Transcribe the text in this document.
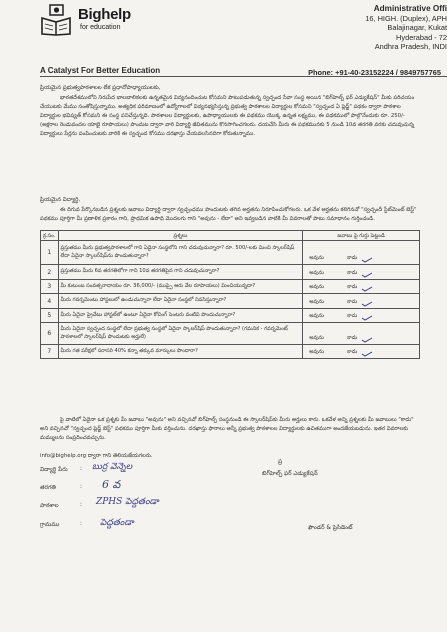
Bighelp
for education
A Catalyst For Better Education
Administrative Offi
16, HIGH. (Duplex), APH
Balajinagar, Kukat
Hyderabad - 72
Andhra Pradesh, INDI
Phone: +91-40-23152224 / 9849757765
ప్రియమైన ప్రభుత్వపాఠశాలల లేక ప్రధానోపాధ్యాయులకు,
భారతదేశములోని నిరుపేద బాలబాలికలకు ఉన్నతమైన విద్యనందించుట కోసమని పాటుపడుతున్న స్వచ్ఛంద సేవా సంస్థ అయిన "బిగ్‌హెల్ప్ ఫర్ ఎడ్యుకేషన్" మీకు పరిచయం చేయుటకు మేము సంతోషిస్తున్నాము. అత్యధిక పరిమాణంలో ఉద్యోగాలలో విద్యనభ్యసిస్తున్న ప్రభుత్వ పాఠశాలల విద్యార్థుల కోసమని "స్వచ్ఛంద ఏ ప్లెడ్జ్" పథకం ద్వారా పాఠశాల విద్యార్థుల భవిష్యత్ కోసమని ఈ సంస్థ పనిచేస్తున్నది. పాఠశాలల విద్యార్థులకు, ఉపాధ్యాయులకు ఈ పథకము యొక్క ఉన్నత లక్ష్యము, ఈ పథకములో పాల్గొనేందుకు రూ. 250/- (అక్షరాల రెండువందల యాభై రూపాయలు) పొందుట ద్వారా వారి విద్యార్థి జీవితమును కొనసాగించగలరు. దయచేసి మీరు ఈ పథకమునకు 5 నుండి 10వ తరగతి వరకు చదువుచున్న విద్యార్థులు పేర్లను పంపించుటకు వారికి ఈ స్వచ్ఛంద కోసము దరఖాస్తు చేయవలసినదిగా కోరుతున్నాము.
ప్రియమైన విద్యార్థి,
ఈ దిగువ పేర్కొనబడిన ప్రశ్నలకు జవాబు విద్యార్థి ద్వారా స్వచ్ఛంధము పొందుటకు తగిన అర్హతను నిరూపించుకోగలరు. ఒక వేళ అర్హతను కలిగినచో "స్వచ్ఛందీ స్టేట్‌మెంట్ బెస్ట్" పథకము పూర్తిగా మీ ప్రణాళిక ప్రకారం గాని, ప్రాథమిక ఉపాధి మొదలగు గాని "అవును - లేదా" అని ఇవ్వబడిన వాటికి మీ వివరాలతో పాటు సమాధానం గుర్తించండి.
క్ర.సం.	ప్రశ్నలు	జవాబు పై గుర్తు పెట్టండి
1	ప్రస్తుతము మీరు ప్రభుత్వపాఠశాలలో గాని ఏదైనా సంస్థలోని గాని చదువుచున్నారా? రూ. 500/-లకు మించి స్కాలర్‌షిప్ లేదా ఏదైనా స్కాలర్‌షిప్‌ను పొందుతున్నారా?	అవును కాదు

2	ప్రస్తుతము మీరు 6వ తరగతిలోగా గాని 10వ తరగతిపైన గాని చదువుచున్నారా?	అవును కాదు

3	మీ కుటుంబ సంవత్సరాదాయం రూ. 36,000/- (ముప్పై ఆరు వేల రూపాయలు) మించియున్నదా?	అవును కాదు

4	మీరు గవర్నమెంటు హాస్టలులో ఉండుచున్నారా లేదా ఏదైనా సంస్థలో నివసిస్తున్నారా?	అవును కాదు

5	మీరు ఏదైనా ప్రైవేటు హాస్టల్‌లో ఉంటూ ఏదైనా కోచింగ్ సెంటరు వంటివి పొందుచున్నారా?	అవును కాదు

6	మీరు ఏదైనా స్వచ్ఛంద సంస్థలో లేదా ప్రభుత్వ సంస్థలో ఏదైనా స్కాలర్‌షిప్ పొందుతున్నారా? (గమనిక - గవర్నమెంట్ పాఠశాలలో స్కాలర్‌షిప్ పొందుటకు అర్హులే)	అవును కాదు

7	మీరు గత పరీక్షలో సరాసరి 40% కన్నా తక్కువ మార్కులు పొందారా?	అవును కాదు
పై వాటిలో ఏదైనా ఒక ప్రశ్నకు మీ జవాబు "అవును" అని వచ్చినచో బిగ్‌హెల్ప్ సంస్థనుండి ఈ స్కాలర్‌షిప్‌కు మీరు అర్హులు కారు. ఒకవేళ అన్ని ప్రశ్నలకు మీ జవాబులు "కాదు" అని వచ్చినచో "స్వచ్ఛంద ప్లెడ్జ్ బెస్ట్" పథకము పూర్తిగా మీకు వర్తించును. దరఖాస్తు ఫారాలు అన్నీ ప్రభుత్వ పాఠశాలల విద్యార్థులకు ఉచితముగా అందజేయబడును. ఇతర వివరాలకు మమ్ములను సంప్రదించవచ్చును.
info@bighelp.org ద్వారా గాని తెలియజేయగలరు.
విద్యార్థి పేరు : బుర్ర వెన్నెల
తరగతి	: 6 వ
పాఠశాల	: ZPHS పెద్దతండా
గ్రామము	: పెద్దతండా
ప్ర
బిగ్‌హెల్ప్ ఫర్ ఎడ్యుకేషన్
ఫౌండర్ & ప్రెసిడెంట్
